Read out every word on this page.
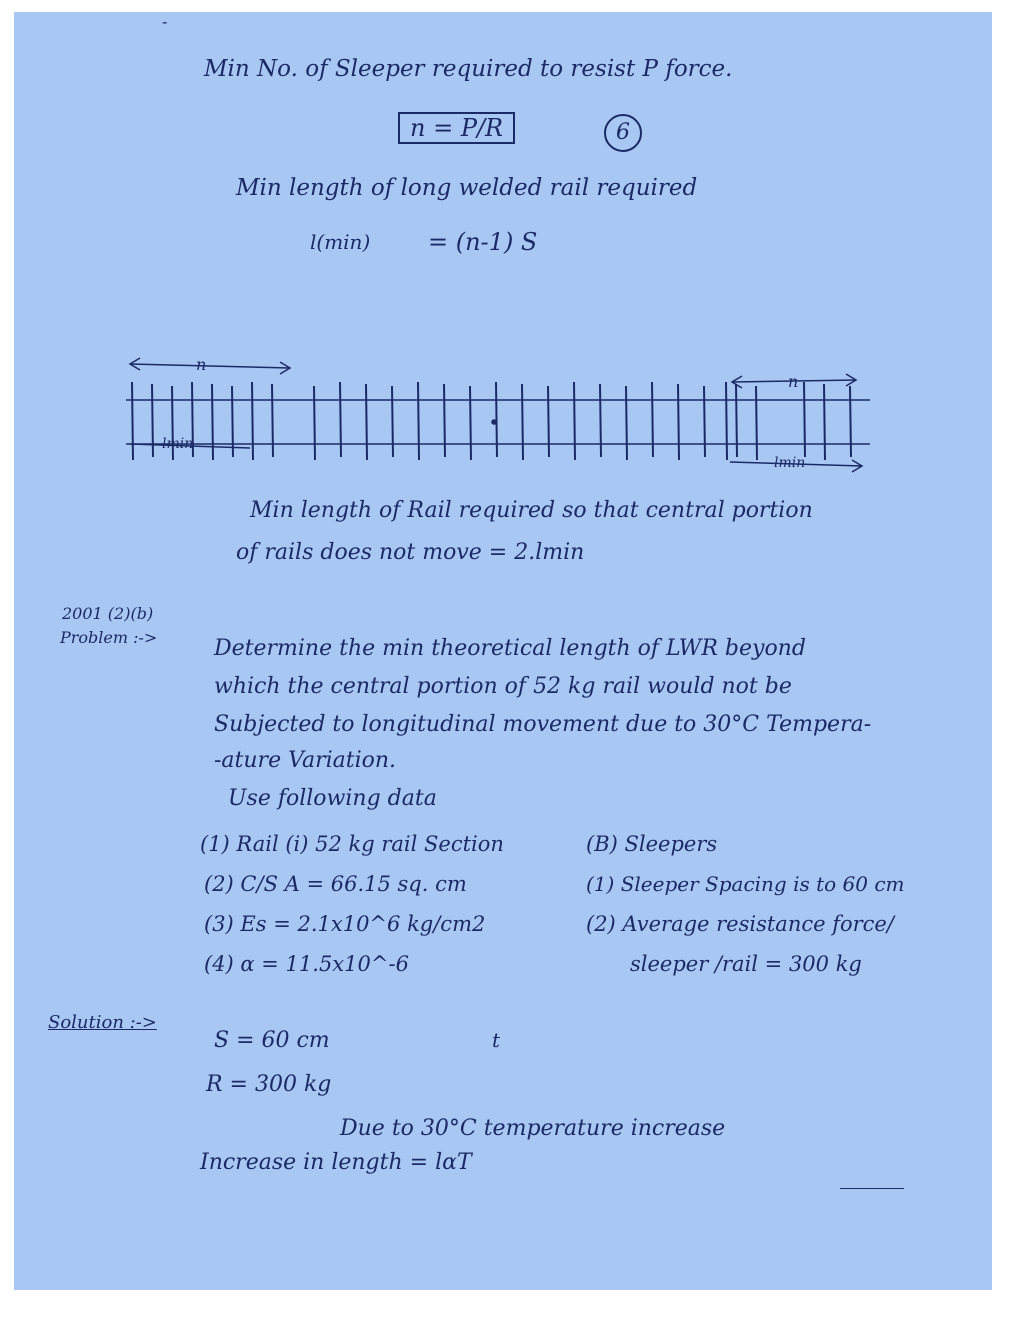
-
Min No. of Sleeper required to resist P force.
n = P/R	6
Min length of long welded rail required
l(min) = (n-1) S
n
lmin
n
lmin
Min length of Rail required so that central portion
of rails does not move = 2.lmin
2001 (2)(b)
Problem :->	Determine the min theoretical length of LWR beyond
which the central portion of 52 kg rail would not be
Subjected to longitudinal movement due to 30°C Tempera-
-ature Variation.
Use following data
(1) Rail (i) 52 kg rail Section
(2) C/S A = 66.15 sq. cm
(3) Es = 2.1x10^6 kg/cm2
(4) α = 11.5x10^-6
(B) Sleepers
(1) Sleeper Spacing is to 60 cm
(2) Average resistance force/
sleeper /rail = 300 kg
Solution :->
S = 60 cm
R = 300 kg
t
Due to 30°C temperature increase
Increase in length = lαT
